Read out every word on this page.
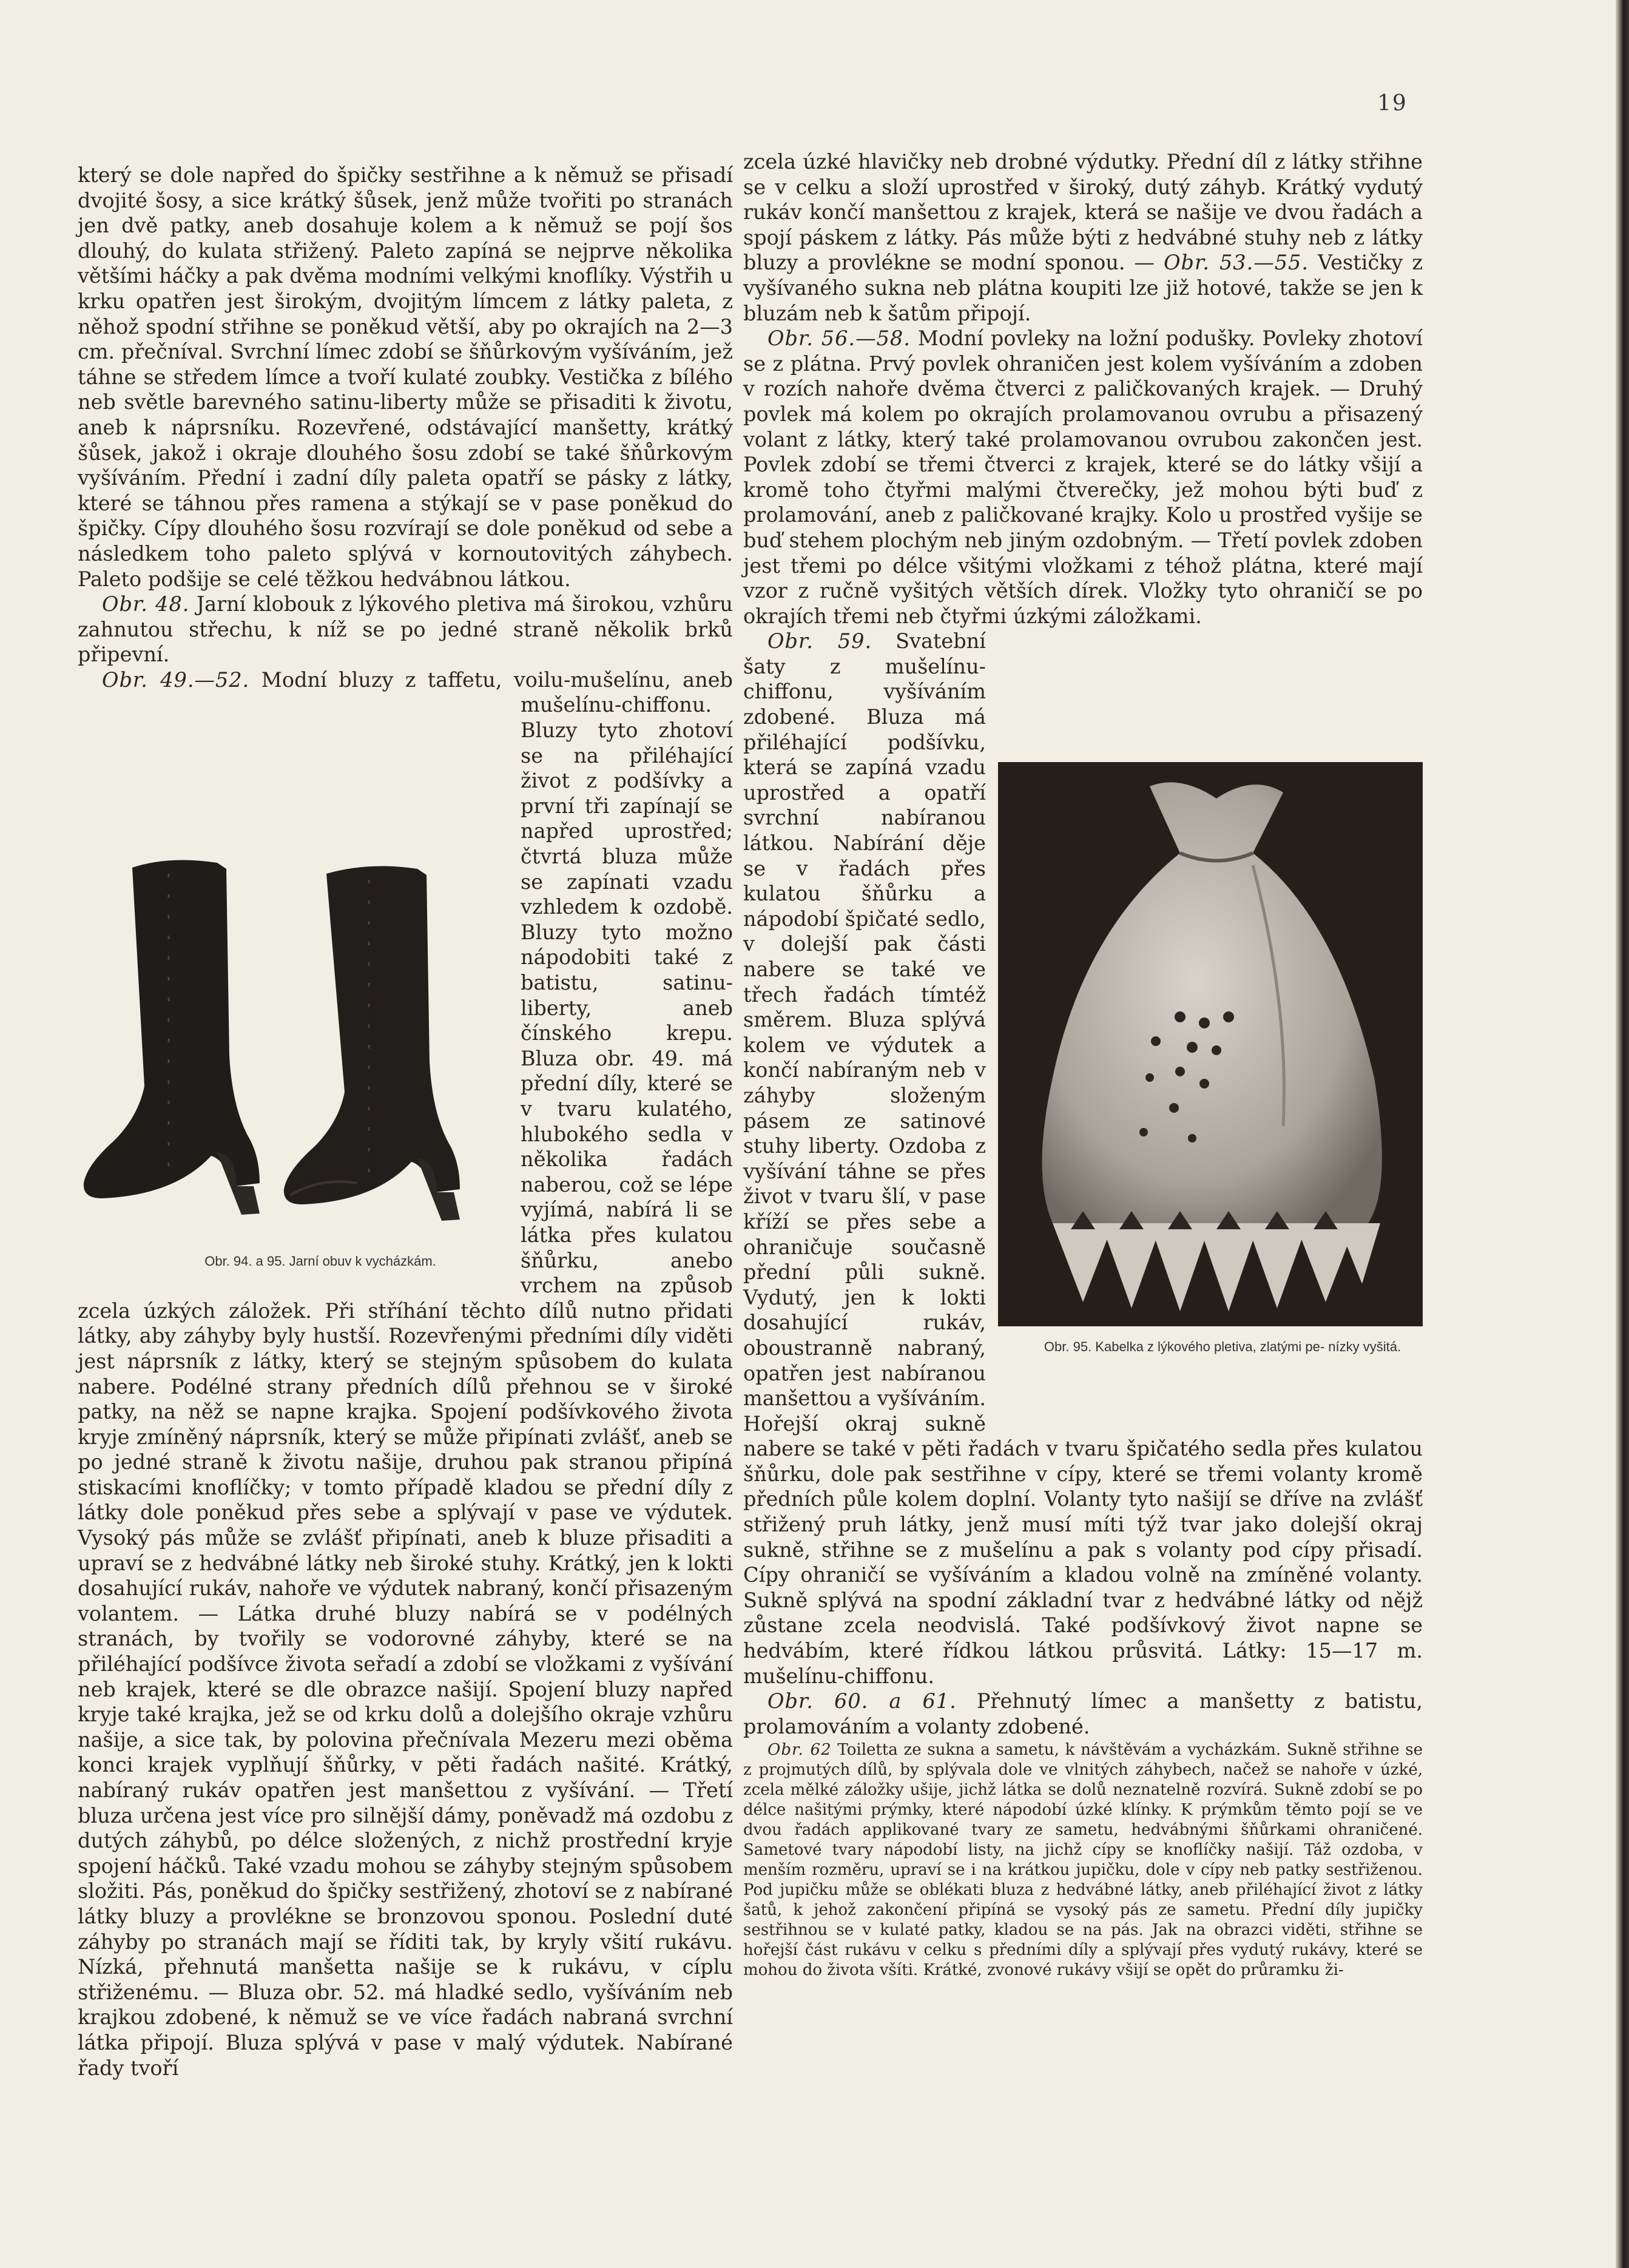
19

který se dole napřed do špičky sestřihne a k němuž se přisadí dvojité šosy, a sice krátký šůsek, jenž může tvořiti po stranách jen dvě patky, aneb dosahuje kolem a k němuž se pojí šos dlouhý, do kulata střižený. Paleto zapíná se nejprve několika většími háčky a pak dvěma modními velkými knoflíky. Výstřih u krku opatřen jest širokým, dvojitým límcem z látky paleta, z něhož spodní střihne se poněkud větší, aby po okrajích na 2—3 cm. přečníval. Svrchní límec zdobí se šňůrkovým vyšíváním, jež táhne se středem límce a tvoří kulaté zoubky. Vestička z bílého neb světle barevného satinu-liberty může se přisaditi k životu, aneb k náprsníku. Rozevřené, odstávající manšetty, krátký šůsek, jakož i okraje dlouhého šosu zdobí se také šňůrkovým vyšíváním. Přední i zadní díly paleta opatří se pásky z látky, které se táhnou přes ramena a stýkají se v pase poněkud do špičky. Cípy dlouhého šosu rozvírají se dole poněkud od sebe a následkem toho paleto splývá v kornoutovitých záhybech. Paleto podšije se celé těžkou hedvábnou látkou.

Obr. 48. Jarní klobouk z lýkového pletiva má širokou, vzhůru zahnutou střechu, k níž se po jedné straně několik brků připevní.

Obr. 49.—52.
Obr. 94. a 95. Jarní obuv k vycházkám.
Modní bluzy z taffetu, voilu-mušelínu, aneb mušelínu-chiffonu. Bluzy tyto zhotoví se na přiléhající život z podšívky a první tři zapínají se napřed uprostřed; čtvrtá bluza může se zapínati vzadu vzhledem k ozdobě. Bluzy tyto možno nápodobiti také z batistu, satinu-liberty, aneb čínského krepu. Bluza obr. 49. má přední díly, které se v tvaru kulatého, hlubokého sedla v několika řadách naberou, což se lépe vyjímá, nabírá li se látka přes kulatou šňůrku, anebo vrchem na způsob zcela úzkých záložek. Při stříhání těchto dílů nutno přidati látky, aby záhyby byly hustší. Rozevřenými předními díly viděti jest náprsník z látky, který se stejným spůsobem do kulata nabere. Podélné strany předních dílů přehnou se v široké patky, na něž se napne krajka. Spojení podšívkového života kryje zmíněný náprsník, který se může připínati zvlášť, aneb se po jedné straně k životu našije, druhou pak stranou připíná stiskacími knoflíčky; v tomto případě kladou se přední díly z látky dole poněkud přes sebe a splývají v pase ve výdutek. Vysoký pás může se zvlášť připínati, aneb k bluze přisaditi a upraví se z hedvábné látky neb široké stuhy. Krátký, jen k lokti dosahující rukáv, nahoře ve výdutek nabraný, končí přisazeným volantem. — Látka druhé bluzy nabírá se v podélných stranách, by tvořily se vodorovné záhyby, které se na přiléhající podšívce života seřadí a zdobí se vložkami z vyšívání neb krajek, které se dle obrazce našijí. Spojení bluzy napřed kryje také krajka, jež se od krku dolů a dolejšího okraje vzhůru našije, a sice tak, by polovina přečnívala Mezeru mezi oběma konci krajek vyplňují šňůrky, v pěti řadách našité. Krátký, nabíraný rukáv opatřen jest manšettou z vyšívání. — Třetí bluza určena jest více pro silnější dámy, poněvadž má ozdobu z dutých záhybů, po délce složených, z nichž prostřední kryje spojení háčků. Také vzadu mohou se záhyby stejným spůsobem složiti. Pás, poněkud do špičky sestřižený, zhotoví se z nabírané látky bluzy a provlékne se bronzovou sponou. Poslední duté záhyby po stranách mají se říditi tak, by kryly všití rukávu. Nízká, přehnutá manšetta našije se k rukávu, v cíplu střiženému. — Bluza obr. 52. má hladké sedlo, vyšíváním neb krajkou zdobené, k němuž se ve více řadách nabraná svrchní látka připojí. Bluza splývá v pase v malý výdutek. Nabírané řady tvoří

zcela úzké hlavičky neb drobné výdutky. Přední díl z látky střihne se v celku a složí uprostřed v široký, dutý záhyb. Krátký vydutý rukáv končí manšettou z krajek, která se našije ve dvou řadách a spojí páskem z látky. Pás může býti z hedvábné stuhy neb z látky bluzy a provlékne se modní sponou. — Obr. 53.—55. Vestičky z vyšívaného sukna neb plátna koupiti lze již hotové, takže se jen k bluzám neb k šatům připojí.

Obr. 56.—58. Modní povleky na ložní podušky. Povleky zhotoví se z plátna. Prvý povlek ohraničen jest kolem vyšíváním a zdoben v rozích nahoře dvěma čtverci z paličkovaných krajek. — Druhý povlek má kolem po okrajích prolamovanou ovrubu a přisazený volant z látky, který také prolamovanou ovrubou zakončen jest. Povlek zdobí se třemi čtverci z krajek, které se do látky všijí a kromě toho čtyřmi malými čtverečky, jež mohou býti buď z prolamování, aneb z paličkované krajky. Kolo u prostřed vyšije se buď stehem plochým neb jiným ozdobným. — Třetí povlek zdoben jest třemi po délce všitými vložkami z téhož plátna, které mají vzor z ručně vyšitých větších dírek. Vložky tyto ohraničí se po okrajích třemi neb čtyřmi úzkými záložkami.

Obr. 59.
Obr. 95. Kabelka z lýkového pletiva, zlatými pe- nízky vyšitá.
Svatební šaty z mušelínu-chiffonu, vyšíváním zdobené. Bluza má přiléhající podšívku, která se zapíná vzadu uprostřed a opatří svrchní nabíranou látkou. Nabírání děje se v řadách přes kulatou šňůrku a nápodobí špičaté sedlo, v dolejší pak části nabere se také ve třech řadách tímtéž směrem. Bluza splývá kolem ve výdutek a končí nabíraným neb v záhyby složeným pásem ze satinové stuhy liberty. Ozdoba z vyšívání táhne se přes život v tvaru šlí, v pase kříží se přes sebe a ohraničuje současně přední půli sukně. Vydutý, jen k lokti dosahující rukáv, oboustranně nabraný, opatřen jest nabíranou manšettou a vyšíváním. Hořejší okraj sukně nabere se také v pěti řadách v tvaru špičatého sedla přes kulatou šňůrku, dole pak sestřihne v cípy, které se třemi volanty kromě předních půle kolem doplní. Volanty tyto našijí se dříve na zvlášť střižený pruh látky, jenž musí míti týž tvar jako dolejší okraj sukně, střihne se z mušelínu a pak s volanty pod cípy přisadí. Cípy ohraničí se vyšíváním a kladou volně na zmíněné volanty. Sukně splývá na spodní základní tvar z hedvábné látky od nějž zůstane zcela neodvislá. Také podšívkový život napne se hedvábím, které řídkou látkou průsvitá. Látky: 15—17 m. mušelínu-chiffonu.

Obr. 60. a 61. Přehnutý límec a manšetty z batistu, prolamováním a volanty zdobené.

Obr. 62 Toiletta ze sukna a sametu, k návštěvám a vycházkám. Sukně střihne se z projmutých dílů, by splývala dole ve vlnitých záhybech, načež se nahoře v úzké, zcela mělké záložky ušije, jichž látka se dolů neznatelně rozvírá. Sukně zdobí se po délce našitými prýmky, které nápodobí úzké klínky. K prýmkům těmto pojí se ve dvou řadách applikované tvary ze sametu, hedvábnými šňůrkami ohraničené. Sametové tvary nápodobí listy, na jichž cípy se knoflíčky našijí. Táž ozdoba, v menším rozměru, upraví se i na krátkou jupičku, dole v cípy neb patky sestřiženou. Pod jupičku může se oblékati bluza z hedvábné látky, aneb přiléhající život z látky šatů, k jehož zakončení připíná se vysoký pás ze sametu. Přední díly jupičky sestřihnou se v kulaté patky, kladou se na pás. Jak na obrazci viděti, střihne se hořejší část rukávu v celku s předními díly a splývají přes vydutý rukávy, které se mohou do života všíti. Krátké, zvonové rukávy všijí se opět do průramku ži-
